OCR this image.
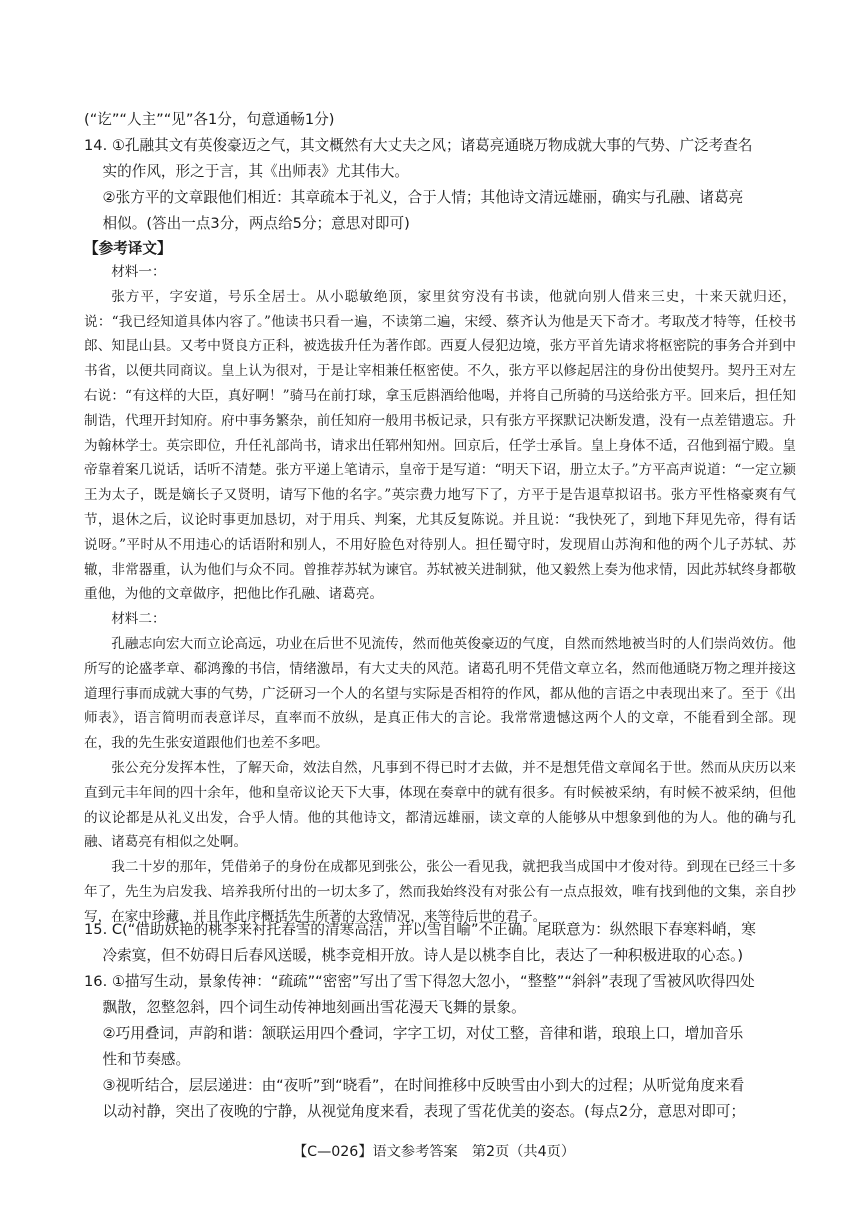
(“讫”“人主”“见”各1分，句意通畅1分)
14. ①孔融其文有英俊豪迈之气，其文概然有大丈夫之风；诸葛亮通晓万物成就大事的气势、广泛考查名
实的作风，形之于言，其《出师表》尤其伟大。
②张方平的文章跟他们相近：其章疏本于礼义，合于人情；其他诗文清远雄丽，确实与孔融、诸葛亮
相似。(答出一点3分，两点给5分；意思对即可)
【参考译文】

材料一：

张方平，字安道，号乐全居士。从小聪敏绝顶，家里贫穷没有书读，他就向别人借来三史，十来天就归还，说：“我已经知道具体内容了。”他读书只看一遍，不读第二遍，宋绶、蔡齐认为他是天下奇才。考取茂才特等，任校书郎、知昆山县。又考中贤良方正科，被选拔升任为著作郎。西夏人侵犯边境，张方平首先请求将枢密院的事务合并到中书省，以便共同商议。皇上认为很对，于是让宰相兼任枢密使。不久，张方平以修起居注的身份出使契丹。契丹王对左右说：“有这样的大臣，真好啊！”骑马在前打球，拿玉卮斟酒给他喝，并将自己所骑的马送给张方平。回来后，担任知制诰，代理开封知府。府中事务繁杂，前任知府一般用书板记录，只有张方平探默记决断发遣，没有一点差错遗忘。升为翰林学士。英宗即位，升任礼部尚书，请求出任郓州知州。回京后，任学士承旨。皇上身体不适，召他到福宁殿。皇帝靠着案几说话，话听不清楚。张方平递上笔请示，皇帝于是写道：“明天下诏，册立太子。”方平高声说道：“一定立颍王为太子，既是嫡长子又贤明，请写下他的名字。”英宗费力地写下了，方平于是告退草拟诏书。张方平性格豪爽有气节，退休之后，议论时事更加恳切，对于用兵、判案，尤其反复陈说。并且说：“我快死了，到地下拜见先帝，得有话说呀。”平时从不用违心的话语附和别人，不用好脸色对待别人。担任蜀守时，发现眉山苏洵和他的两个儿子苏轼、苏辙，非常器重，认为他们与众不同。曾推荐苏轼为谏官。苏轼被关进制狱，他又毅然上奏为他求情，因此苏轼终身都敬重他，为他的文章做序，把他比作孔融、诸葛亮。

材料二：

孔融志向宏大而立论高远，功业在后世不见流传，然而他英俊豪迈的气度，自然而然地被当时的人们崇尚效仿。他所写的论盛孝章、郗鸿豫的书信，情绪激昂，有大丈夫的风范。诸葛孔明不凭借文章立名，然而他通晓万物之理并接这道理行事而成就大事的气势，广泛研习一个人的名望与实际是否相符的作风，都从他的言语之中表现出来了。至于《出师表》，语言简明而表意详尽，直率而不放纵，是真正伟大的言论。我常常遗憾这两个人的文章，不能看到全部。现在，我的先生张安道跟他们也差不多吧。

张公充分发挥本性，了解天命，效法自然，凡事到不得已时才去做，并不是想凭借文章闻名于世。然而从庆历以来直到元丰年间的四十余年，他和皇帝议论天下大事，体现在奏章中的就有很多。有时候被采纳，有时候不被采纳，但他的议论都是从礼义出发，合乎人情。他的其他诗文，都清远雄丽，读文章的人能够从中想象到他的为人。他的确与孔融、诸葛亮有相似之处啊。

我二十岁的那年，凭借弟子的身份在成都见到张公，张公一看见我，就把我当成国中才俊对待。到现在已经三十多年了，先生为启发我、培养我所付出的一切太多了，然而我始终没有对张公有一点点报效，唯有找到他的文集，亲自抄写，在家中珍藏，并且作此序概括先生所著的大致情况，来等待后世的君子。

15. C(“借助妖艳的桃李来衬托春雪的清寒高洁，并以雪自喻”不正确。尾联意为：纵然眼下春寒料峭，寒
冷索寞，但不妨碍日后春风送暖，桃李竞相开放。诗人是以桃李自比，表达了一种积极进取的心态。)
16. ①描写生动，景象传神：“疏疏”“密密”写出了雪下得忽大忽小，“整整”“斜斜”表现了雪被风吹得四处
飘散，忽整忽斜，四个词生动传神地刻画出雪花漫天飞舞的景象。
②巧用叠词，声韵和谐：颔联运用四个叠词，字字工切，对仗工整，音律和谐，琅琅上口，增加音乐
性和节奏感。
③视听结合，层层递进：由“夜听”到“晓看”，在时间推移中反映雪由小到大的过程；从听觉角度来看
以动衬静，突出了夜晚的宁静，从视觉角度来看，表现了雪花优美的姿态。(每点2分，意思对即可；
【C—026】语文参考答案　第2页（共4页）
